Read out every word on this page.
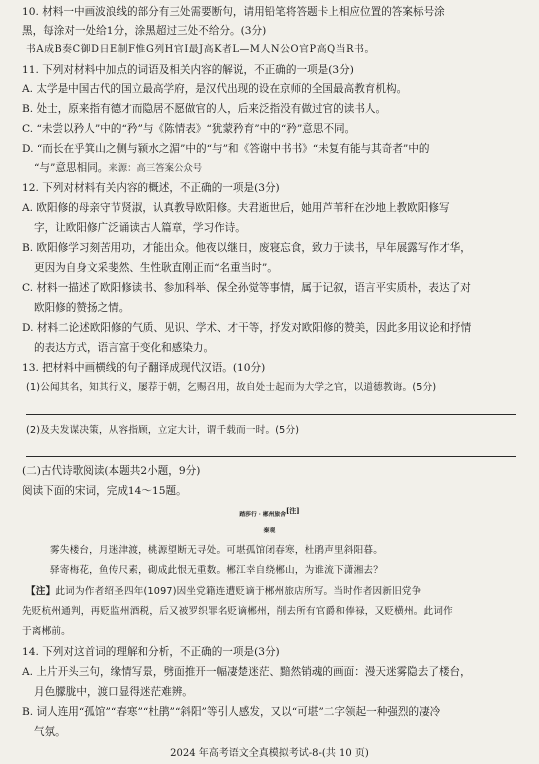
10. 材料一中画波浪线的部分有三处需要断句，请用铅笔将答题卡上相应位置的答案标号涂
黑，每涂对一处给1分，涂黑超过三处不给分。(3分)
书A成B奏C御D日E制F惟G列H官I最J高K者L—M人N公O官P高Q当R书。
11. 下列对材料中加点的词语及相关内容的解说，不正确的一项是(3分)
A. 太学是中国古代的国立最高学府，是汉代出现的设在京师的全国最高教育机构。
B. 处士，原来指有德才而隐居不愿做官的人，后来泛指没有做过官的读书人。
C. “未尝以矜人”中的“矜”与《陈情表》“犹蒙矜育”中的“矜”意思不同。
D. “而长在乎箕山之侧与颍水之湄”中的“与”和《答谢中书书》“未复有能与其奇者”中的
“与”意思相同。来源：高三答案公众号
12. 下列对材料有关内容的概述，不正确的一项是(3分)
A. 欧阳修的母亲守节贤淑，认真教导欧阳修。夫君逝世后，她用芦苇秆在沙地上教欧阳修写
字，让欧阳修广泛诵读古人篇章，学习作诗。
B. 欧阳修学习刻苦用功，才能出众。他夜以继日，废寝忘食，致力于读书，早年展露写作才华，
更因为自身文采斐然、生性耿直刚正而“名重当时”。
C. 材料一描述了欧阳修读书、参加科举、保全孙觉等事情，属于记叙，语言平实质朴，表达了对
欧阳修的赞扬之情。
D. 材料二论述欧阳修的气质、见识、学术、才干等，抒发对欧阳修的赞美，因此多用议论和抒情
的表达方式，语言富于变化和感染力。
13. 把材料中画横线的句子翻译成现代汉语。(10分)
(1)公闻其名，知其行义，屡荐于朝，乞赐召用，故自处士起而为大学之官，以道德教诲。(5分)
(2)及夫发谋决策，从容指顾，立定大计，谓千载而一时。(5分)
(二)古代诗歌阅读(本题共2小题，9分)
阅读下面的宋词，完成14～15题。
踏莎行 · 郴州旅舍[注]
秦观
雾失楼台，月迷津渡，桃源望断无寻处。可堪孤馆闭春寒，杜鹃声里斜阳暮。
驿寄梅花，鱼传尺素，砌成此恨无重数。郴江幸自绕郴山，为谁流下潇湘去？
【注】此词为作者绍圣四年(1097)因坐党籍连遭贬谪于郴州旅店所写。当时作者因新旧党争
先贬杭州通判，再贬监州酒税，后又被罗织罪名贬谪郴州，削去所有官爵和俸禄，又贬横州。此词作
于离郴前。
14. 下列对这首词的理解和分析，不正确的一项是(3分)
A. 上片开头三句，缘情写景，劈面推开一幅凄楚迷茫、黯然销魂的画面：漫天迷雾隐去了楼台，
月色朦胧中，渡口显得迷茫难辨。
B. 词人连用“孤馆”“春寒”“杜鹃”“斜阳”等引人感发，又以“可堪”二字领起一种强烈的凄冷
气氛。
2024 年高考语文全真模拟考试-8-(共 10 页)
